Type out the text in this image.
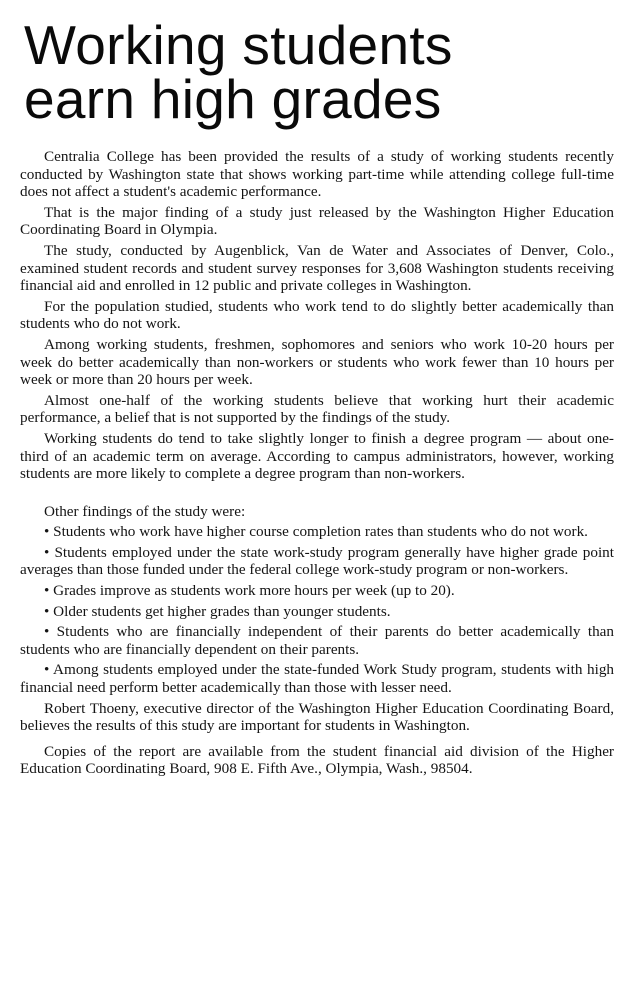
Working students
earn high grades

Centralia College has been provided the results of a study of working students recently conducted by Washington state that shows working part-time while attending college full-time does not affect a student's academic performance.

That is the major finding of a study just released by the Washington Higher Education Coordinating Board in Olympia.

The study, conducted by Augenblick, Van de Water and Associates of Denver, Colo., examined student records and student survey responses for 3,608 Washington students receiving financial aid and enrolled in 12 public and private colleges in Washington.

For the population studied, students who work tend to do slightly better academically than students who do not work.

Among working students, freshmen, sophomores and seniors who work 10-20 hours per week do better academically than non-workers or students who work fewer than 10 hours per week or more than 20 hours per week.

Almost one-half of the working students believe that working hurt their academic performance, a belief that is not supported by the findings of the study.

Working students do tend to take slightly longer to finish a degree program — about one-third of an academic term on average. According to campus administrators, however, working students are more likely to complete a degree program than non-workers.

Other findings of the study were:

• Students who work have higher course completion rates than students who do not work.

• Students employed under the state work-study program generally have higher grade point averages than those funded under the federal college work-study program or non-workers.

• Grades improve as students work more hours per week (up to 20).

• Older students get higher grades than younger students.

• Students who are financially independent of their parents do better academically than students who are financially dependent on their parents.

• Among students employed under the state-funded Work Study program, students with high financial need perform better academically than those with lesser need.

Robert Thoeny, executive director of the Washington Higher Education Coordinating Board, believes the results of this study are important for students in Washington.

Copies of the report are available from the student financial aid division of the Higher Education Coordinating Board, 908 E. Fifth Ave., Olympia, Wash., 98504.
